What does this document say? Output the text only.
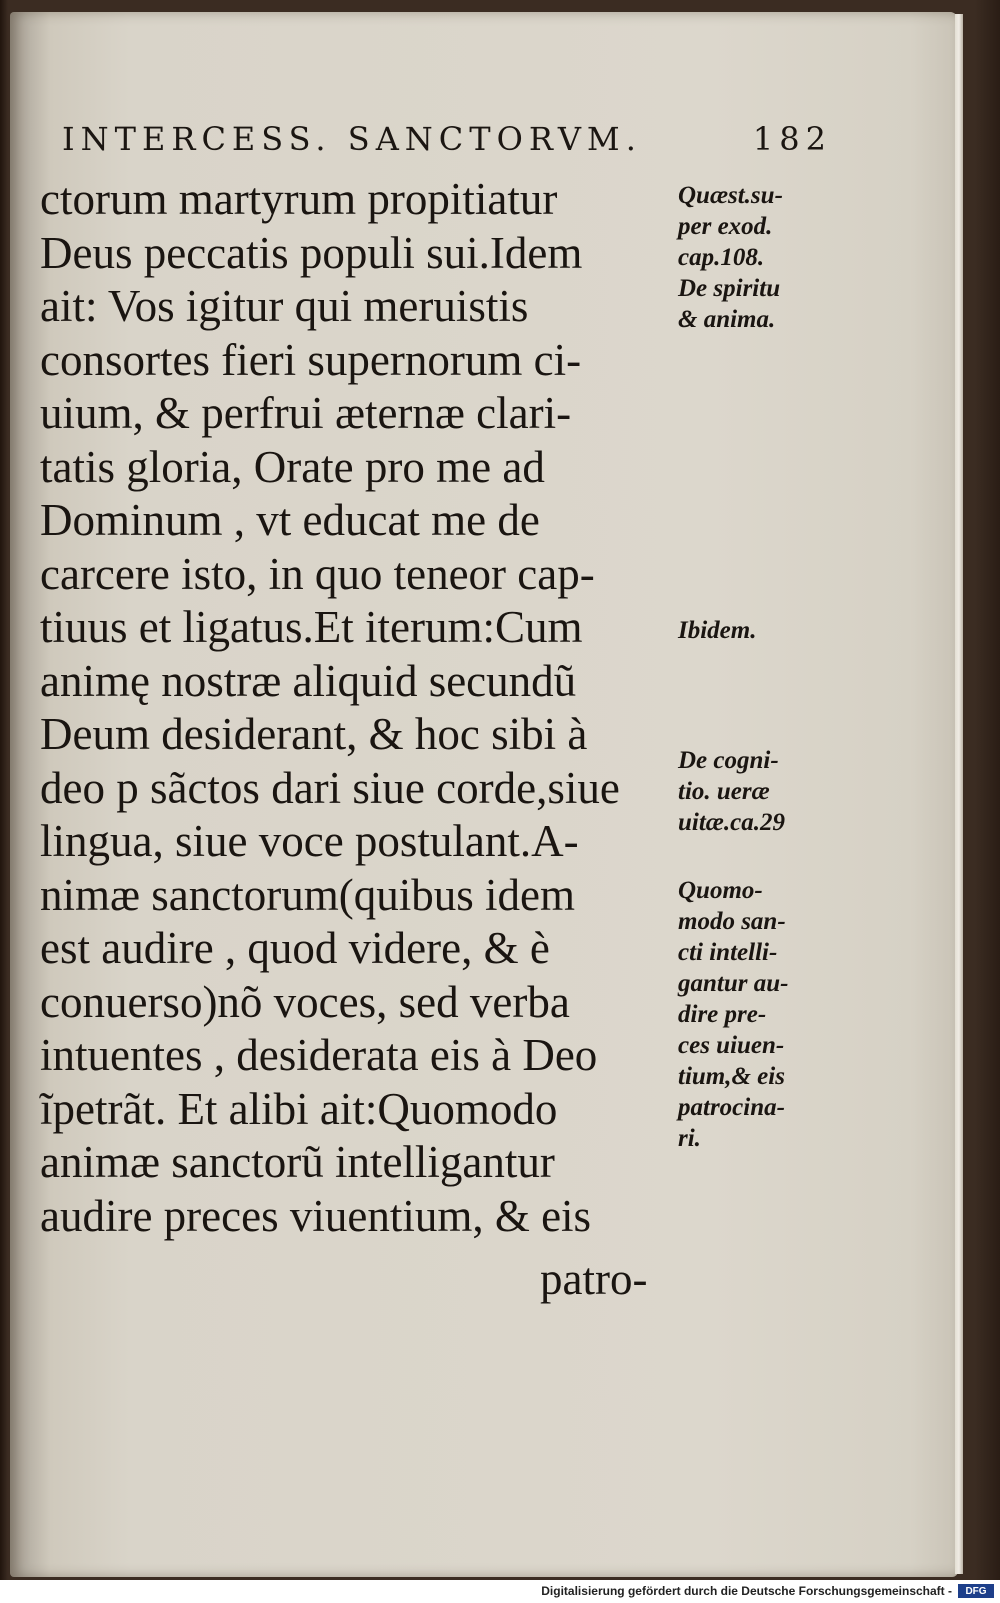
INTERCESS. SANCTORVM.	182
ctorum martyrum propitiatur
Deus peccatis populi sui.Idem
ait: Vos igitur qui meruistis
consortes fieri supernorum ci-
uium, & perfrui æternæ clari-
tatis gloria, Orate pro me ad
Dominum , vt educat me de
carcere isto, in quo teneor cap-
tiuus et ligatus.Et iterum:Cum
animę nostræ aliquid secundũ
Deum desiderant, & hoc sibi à
deo p sãctos dari siue corde,siue
lingua, siue voce postulant.A-
nimæ sanctorum(quibus idem
est audire , quod videre, & è
conuerso)nõ voces, sed verba
intuentes , desiderata eis à Deo
ĩpetrãt. Et alibi ait:Quomodo
animæ sanctorũ intelligantur
audire preces viuentium, & eis
patro-
Quæst.su-
per exod.
cap.108.
De spiritu
& anima.
Ibidem.
De cogni-
tio. ueræ
uitæ.ca.29
Quomo-
modo san-
cti intelli-
gantur au-
dire pre-
ces uiuen-
tium,& eis
patrocina-
ri.
Digitalisierung gefördert durch die Deutsche Forschungsgemeinschaft -	DFG
